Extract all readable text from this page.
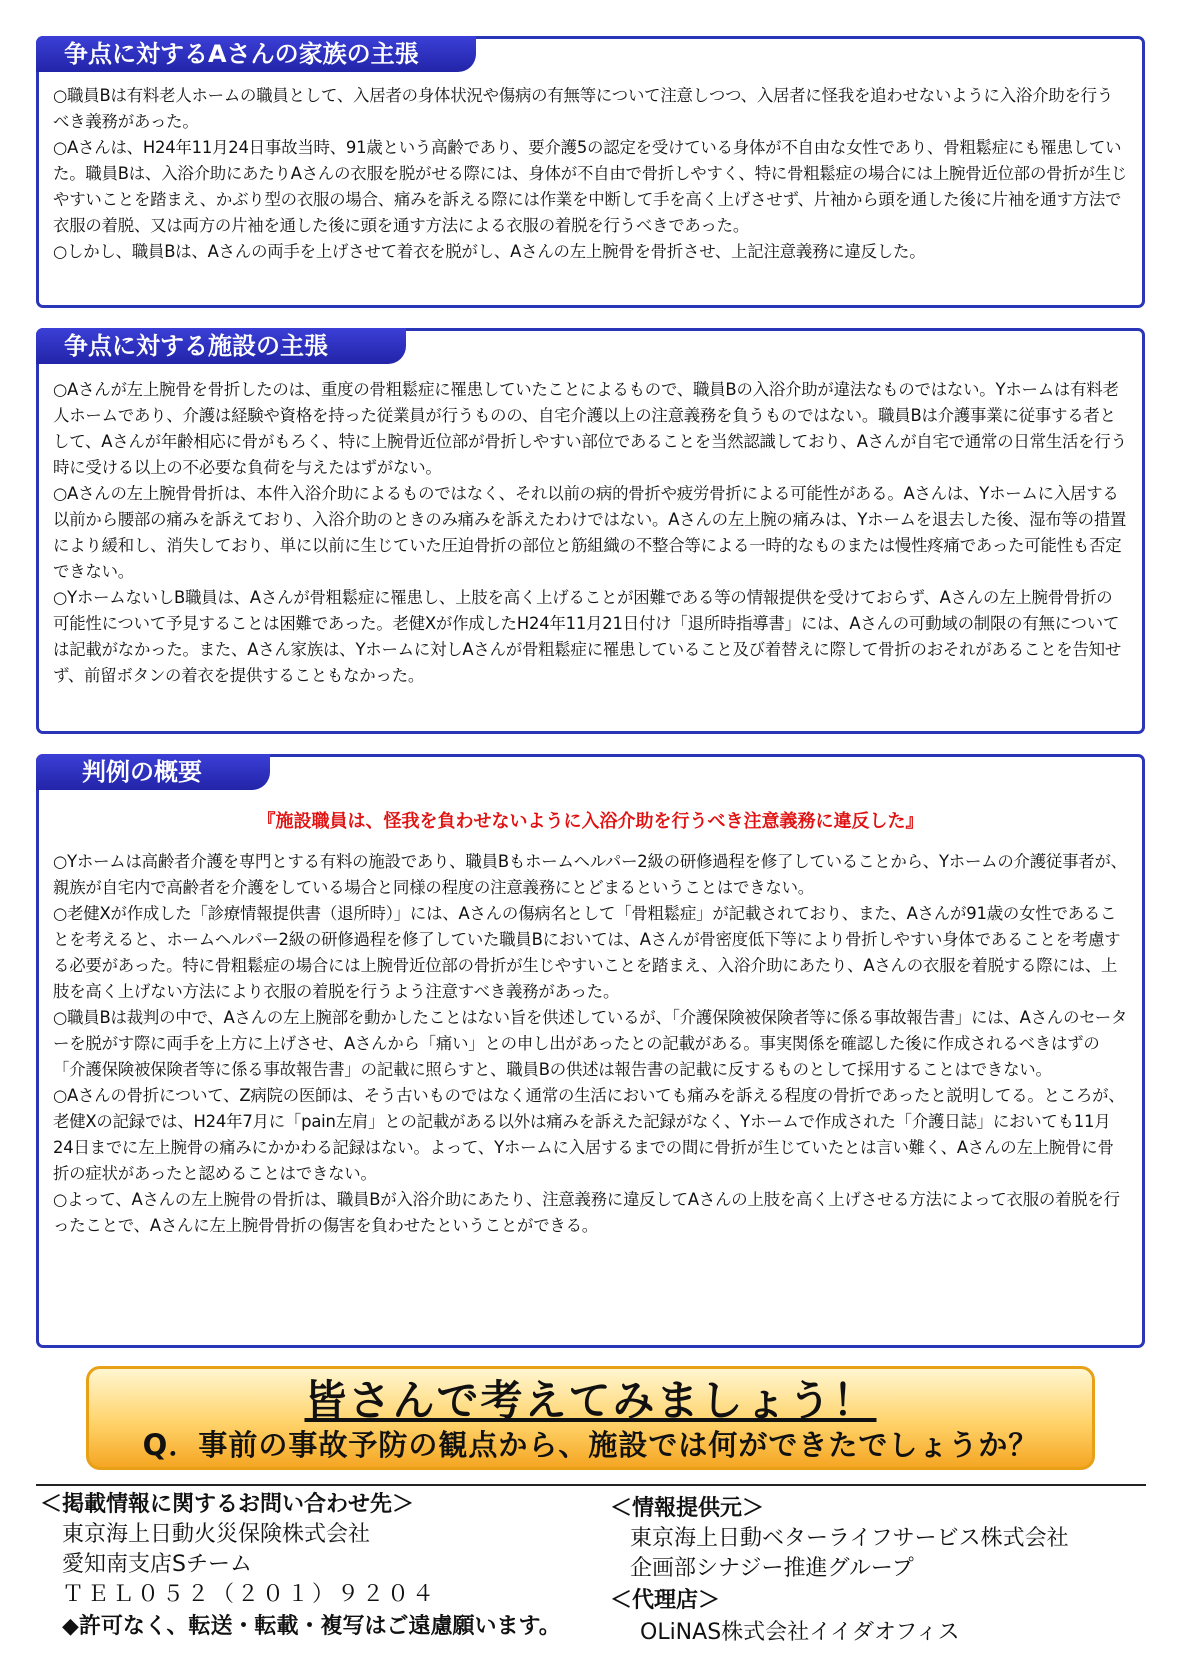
争点に対するAさんの家族の主張

○職員Bは有料老人ホームの職員として、入居者の身体状況や傷病の有無等について注意しつつ、入居者に怪我を追わせないように入浴介助を行うべき義務があった。

○Aさんは、H24年11月24日事故当時、91歳という高齢であり、要介護5の認定を受けている身体が不自由な女性であり、骨粗鬆症にも罹患していた。職員Bは、入浴介助にあたりAさんの衣服を脱がせる際には、身体が不自由で骨折しやすく、特に骨粗鬆症の場合には上腕骨近位部の骨折が生じやすいことを踏まえ、かぶり型の衣服の場合、痛みを訴える際には作業を中断して手を高く上げさせず、片袖から頭を通した後に片袖を通す方法で衣服の着脱、又は両方の片袖を通した後に頭を通す方法による衣服の着脱を行うべきであった。

○しかし、職員Bは、Aさんの両手を上げさせて着衣を脱がし、Aさんの左上腕骨を骨折させ、上記注意義務に違反した。

争点に対する施設の主張

○Aさんが左上腕骨を骨折したのは、重度の骨粗鬆症に罹患していたことによるもので、職員Bの入浴介助が違法なものではない。Yホームは有料老人ホームであり、介護は経験や資格を持った従業員が行うものの、自宅介護以上の注意義務を負うものではない。職員Bは介護事業に従事する者として、Aさんが年齢相応に骨がもろく、特に上腕骨近位部が骨折しやすい部位であることを当然認識しており、Aさんが自宅で通常の日常生活を行う時に受ける以上の不必要な負荷を与えたはずがない。

○Aさんの左上腕骨骨折は、本件入浴介助によるものではなく、それ以前の病的骨折や疲労骨折による可能性がある。Aさんは、Yホームに入居する以前から腰部の痛みを訴えており、入浴介助のときのみ痛みを訴えたわけではない。Aさんの左上腕の痛みは、Yホームを退去した後、湿布等の措置により緩和し、消失しており、単に以前に生じていた圧迫骨折の部位と筋組織の不整合等による一時的なものまたは慢性疼痛であった可能性も否定できない。

○YホームないしB職員は、Aさんが骨粗鬆症に罹患し、上肢を高く上げることが困難である等の情報提供を受けておらず、Aさんの左上腕骨骨折の可能性について予見することは困難であった。老健Xが作成したH24年11月21日付け「退所時指導書」には、Aさんの可動域の制限の有無については記載がなかった。また、Aさん家族は、Yホームに対しAさんが骨粗鬆症に罹患していること及び着替えに際して骨折のおそれがあることを告知せず、前留ボタンの着衣を提供することもなかった。

判例の概要

『施設職員は、怪我を負わせないように入浴介助を行うべき注意義務に違反した』

○Yホームは高齢者介護を専門とする有料の施設であり、職員Bもホームヘルパー2級の研修過程を修了していることから、Yホームの介護従事者が、親族が自宅内で高齢者を介護をしている場合と同様の程度の注意義務にとどまるということはできない。

○老健Xが作成した「診療情報提供書（退所時）」には、Aさんの傷病名として「骨粗鬆症」が記載されており、また、Aさんが91歳の女性であることを考えると、ホームヘルパー2級の研修過程を修了していた職員Bにおいては、Aさんが骨密度低下等により骨折しやすい身体であることを考慮する必要があった。特に骨粗鬆症の場合には上腕骨近位部の骨折が生じやすいことを踏まえ、入浴介助にあたり、Aさんの衣服を着脱する際には、上肢を高く上げない方法により衣服の着脱を行うよう注意すべき義務があった。

○職員Bは裁判の中で、Aさんの左上腕部を動かしたことはない旨を供述しているが、「介護保険被保険者等に係る事故報告書」には、Aさんのセーターを脱がす際に両手を上方に上げさせ、Aさんから「痛い」との申し出があったとの記載がある。事実関係を確認した後に作成されるべきはずの「介護保険被保険者等に係る事故報告書」の記載に照らすと、職員Bの供述は報告書の記載に反するものとして採用することはできない。

○Aさんの骨折について、Z病院の医師は、そう古いものではなく通常の生活においても痛みを訴える程度の骨折であったと説明してる。ところが、老健Xの記録では、H24年7月に「pain左肩」との記載がある以外は痛みを訴えた記録がなく、Yホームで作成された「介護日誌」においても11月24日までに左上腕骨の痛みにかかわる記録はない。よって、Yホームに入居するまでの間に骨折が生じていたとは言い難く、Aさんの左上腕骨に骨折の症状があったと認めることはできない。

○よって、Aさんの左上腕骨の骨折は、職員Bが入浴介助にあたり、注意義務に違反してAさんの上肢を高く上げさせる方法によって衣服の着脱を行ったことで、Aさんに左上腕骨骨折の傷害を負わせたということができる。

皆さんで考えてみましょう！
Q．事前の事故予防の観点から、施設では何ができたでしょうか？
＜掲載情報に関するお問い合わせ先＞
東京海上日動火災保険株式会社
愛知南支店Sチーム
ＴＥＬ０５２（２０１）９２０４
◆許可なく、転送・転載・複写はご遠慮願います。
＜情報提供元＞
東京海上日動ベターライフサービス株式会社
企画部シナジー推進グループ
＜代理店＞
OLiNAS株式会社イイダオフィス
